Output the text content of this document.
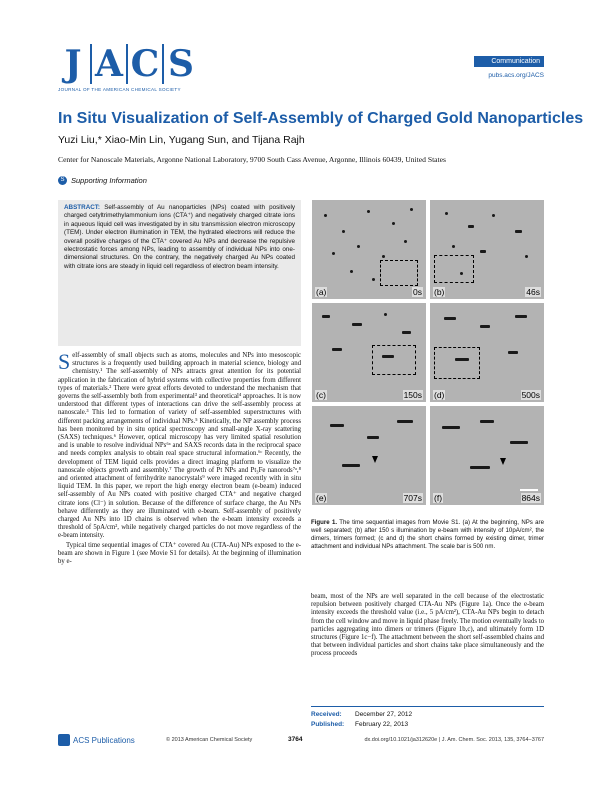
J A C S
JOURNAL OF THE AMERICAN CHEMICAL SOCIETY
Communication
pubs.acs.org/JACS
In Situ Visualization of Self-Assembly of Charged Gold Nanoparticles
Yuzi Liu,* Xiao-Min Lin, Yugang Sun, and Tijana Rajh
Center for Nanoscale Materials, Argonne National Laboratory, 9700 South Cass Avenue, Argonne, Illinois 60439, United States
S Supporting Information
ABSTRACT: Self-assembly of Au nanoparticles (NPs) coated with positively charged cetyltrimethylammonium ions (CTA⁺) and negatively charged citrate ions in aqueous liquid cell was investigated by in situ transmission electron microscopy (TEM). Under electron illumination in TEM, the hydrated electrons will reduce the overall positive charges of the CTA⁺ covered Au NPs and decrease the repulsive electrostatic forces among NPs, leading to assembly of individual NPs into one-dimensional structures. On the contrary, the negatively charged Au NPs coated with citrate ions are steady in liquid cell regardless of electron beam intensity.

Self-assembly of small objects such as atoms, molecules and NPs into mesoscopic structures is a frequently used building approach in material science, biology and chemistry.¹ The self-assembly of NPs attracts great attention for its potential application in the fabrication of hybrid systems with collective properties from different types of materials.² There were great efforts devoted to understand the mechanism that governs the self-assembly both from experimental³ and theoretical⁴ approaches. It is now understood that different types of interactions can drive the self-assembly process at nanoscale.³ This led to formation of variety of self-assembled superstructures with different packing arrangements of individual NPs.⁵ Kinetically, the NP assembly process has been monitored by in situ optical spectroscopy and small-angle X-ray scattering (SAXS) techniques.⁶ However, optical microscopy has very limited spatial resolution and is unable to resolve individual NPs⁶ᵃ and SAXS records data in the reciprocal space and needs complex analysis to obtain real space structural information.⁶ᶜ Recently, the development of TEM liquid cells provides a direct imaging platform to visualize the nanoscale objects growth and assembly.⁷ The growth of Pt NPs and Pt₃Fe nanorods⁷ᵃ,⁸ and oriented attachment of ferrihydrite nanocrystals⁹ were imaged recently with in situ liquid TEM. In this paper, we report the high energy electron beam (e-beam) induced self-assembly of Au NPs coated with positive charged CTA⁺ and negative charged citrate ions (Cl⁻) in solution. Because of the difference of surface charge, the Au NPs behave differently as they are illuminated with e-beam. Self-assembly of positively charged Au NPs into 1D chains is observed when the e-beam intensity exceeds a threshold of 5pA/cm², while negatively charged particles do not move regardless of the e-beam intensity.

Typical time sequential images of CTA⁺ covered Au (CTA-Au) NPs exposed to the e-beam are shown in Figure 1 (see Movie S1 for details). At the beginning of illumination by e-

(a)	0s (b)	46s
(c)	150s (d)	500s
(e)	707s (f)	864s
Figure 1. The time sequential images from Movie S1. (a) At the beginning, NPs are well separated; (b) after 150 s illumination by e-beam with intensity of 10pA/cm², the dimers, trimers formed; (c and d) the short chains formed by existing dimer, trimer attachment and individual NPs attachment. The scale bar is 500 nm.
beam, most of the NPs are well separated in the cell because of the electrostatic repulsion between positively charged CTA-Au NPs (Figure 1a). Once the e-beam intensity exceeds the threshold value (i.e., 5 pA/cm²), CTA-Au NPs begin to detach from the cell window and move in liquid phase freely. The motion eventually leads to particles aggregating into dimers or trimers (Figure 1b,c), and ultimately form 1D structures (Figure 1c−f). The attachment between the short self-assembled chains and that between individual particles and short chains take place simultaneously and the process proceeds
Received: December 27, 2012
Published: February 22, 2013
ACS Publications	© 2013 American Chemical Society	3764	dx.doi.org/10.1021/ja312620e | J. Am. Chem. Soc. 2013, 135, 3764−3767
